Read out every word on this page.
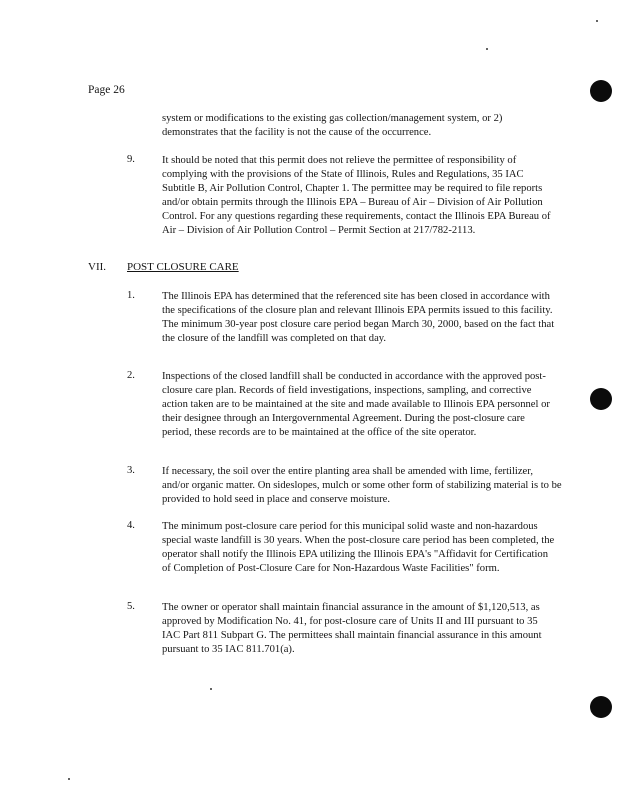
Page 26

system or modifications to the existing gas collection/management system, or 2) demonstrates that the facility is not the cause of the occurrence.

9.	It should be noted that this permit does not relieve the permittee of responsibility of complying with the provisions of the State of Illinois, Rules and Regulations, 35 IAC Subtitle B, Air Pollution Control, Chapter 1. The permittee may be required to file reports and/or obtain permits through the Illinois EPA – Bureau of Air – Division of Air Pollution Control. For any questions regarding these requirements, contact the Illinois EPA Bureau of Air – Division of Air Pollution Control – Permit Section at 217/782-2113.

VII. POST CLOSURE CARE
1.	The Illinois EPA has determined that the referenced site has been closed in accordance with the specifications of the closure plan and relevant Illinois EPA permits issued to this facility. The minimum 30-year post closure care period began March 30, 2000, based on the fact that the closure of the landfill was completed on that day.

2.	Inspections of the closed landfill shall be conducted in accordance with the approved post-closure care plan. Records of field investigations, inspections, sampling, and corrective action taken are to be maintained at the site and made available to Illinois EPA personnel or their designee through an Intergovernmental Agreement. During the post-closure care period, these records are to be maintained at the office of the site operator.

3.	If necessary, the soil over the entire planting area shall be amended with lime, fertilizer, and/or organic matter. On sideslopes, mulch or some other form of stabilizing material is to be provided to hold seed in place and conserve moisture.

4.	The minimum post-closure care period for this municipal solid waste and non-hazardous special waste landfill is 30 years. When the post-closure care period has been completed, the operator shall notify the Illinois EPA utilizing the Illinois EPA's "Affidavit for Certification of Completion of Post-Closure Care for Non-Hazardous Waste Facilities" form.

5.	The owner or operator shall maintain financial assurance in the amount of $1,120,513, as approved by Modification No. 41, for post-closure care of Units II and III pursuant to 35 IAC Part 811 Subpart G. The permittees shall maintain financial assurance in this amount pursuant to 35 IAC 811.701(a).
